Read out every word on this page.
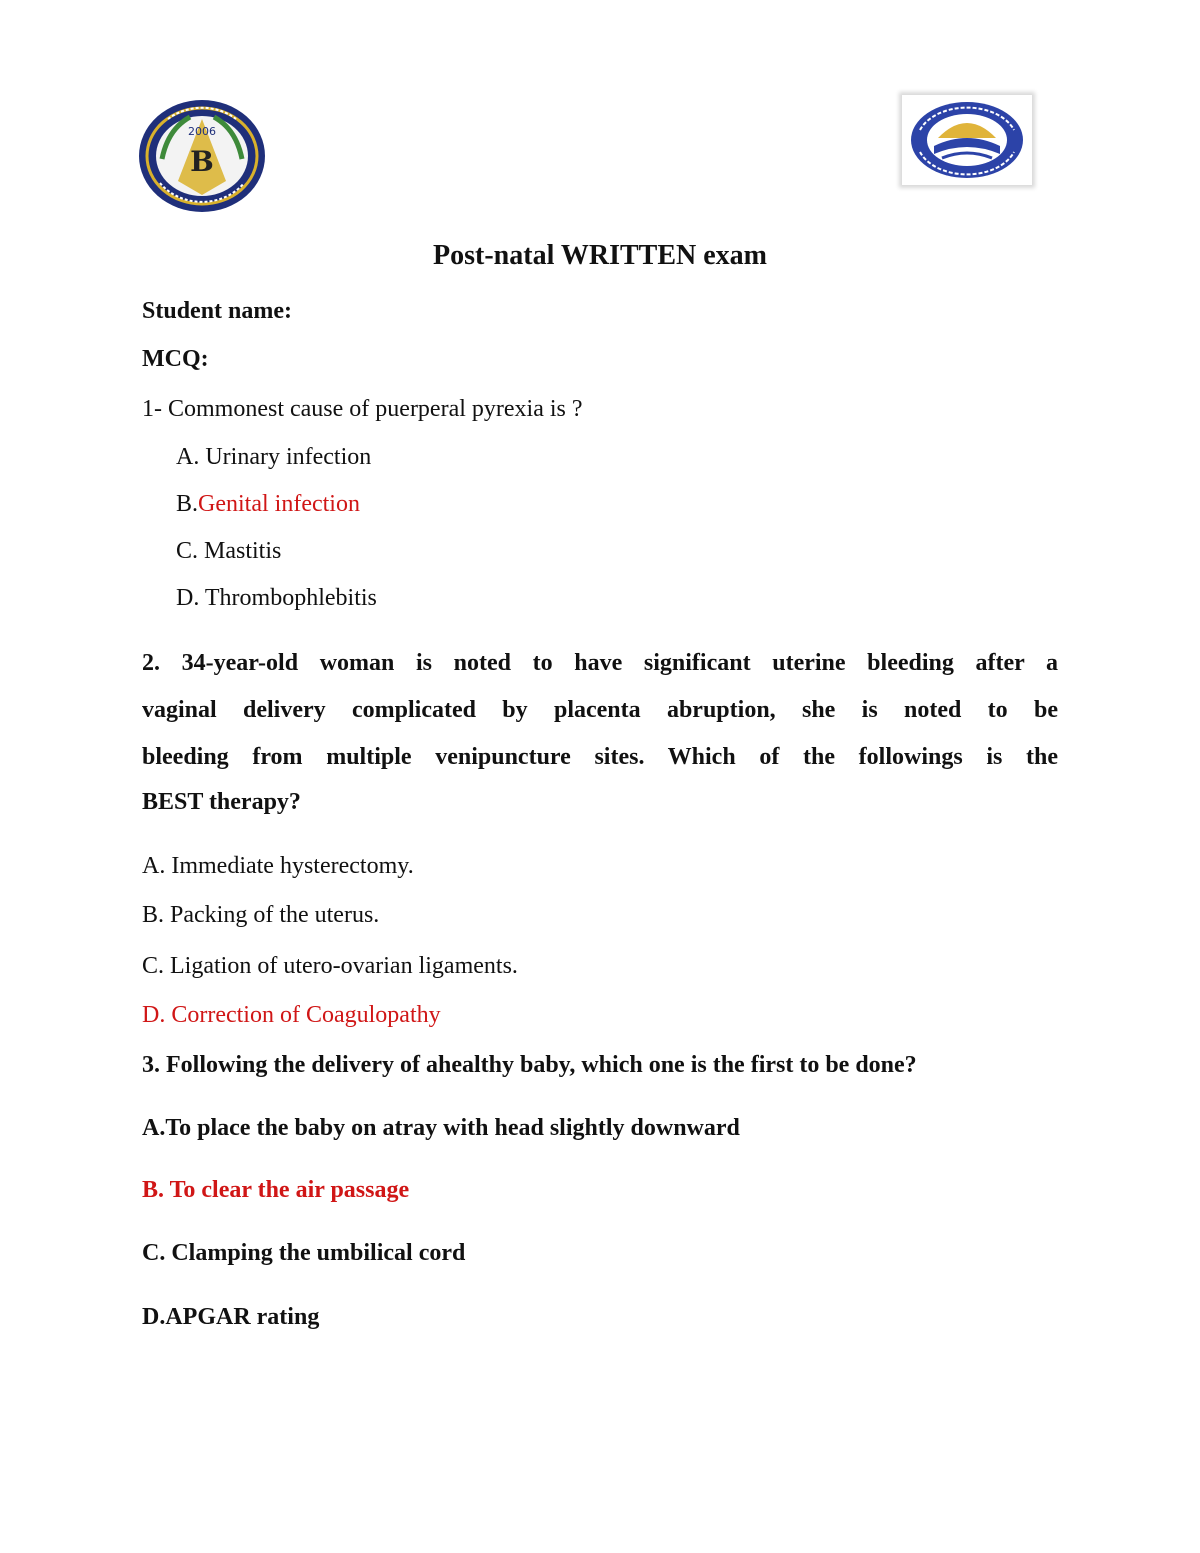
2006
B
Post-natal WRITTEN exam
Student name:
MCQ:
1- Commonest cause of puerperal pyrexia is ?
A. Urinary infection
B.Genital infection
C. Mastitis
D. Thrombophlebitis
2. 34-year-old woman is noted to have significant uterine bleeding after a
vaginal delivery complicated by placenta abruption, she is noted to be
bleeding from multiple venipuncture sites. Which of the followings is the
BEST therapy?
A. Immediate hysterectomy.
B. Packing of the uterus.
C. Ligation of utero-ovarian ligaments.
D. Correction of Coagulopathy
3. Following the delivery of ahealthy baby, which one is the first to be done?
A.To place the baby on atray with head slightly downward
B. To clear the air passage
C. Clamping the umbilical cord
D.APGAR rating
